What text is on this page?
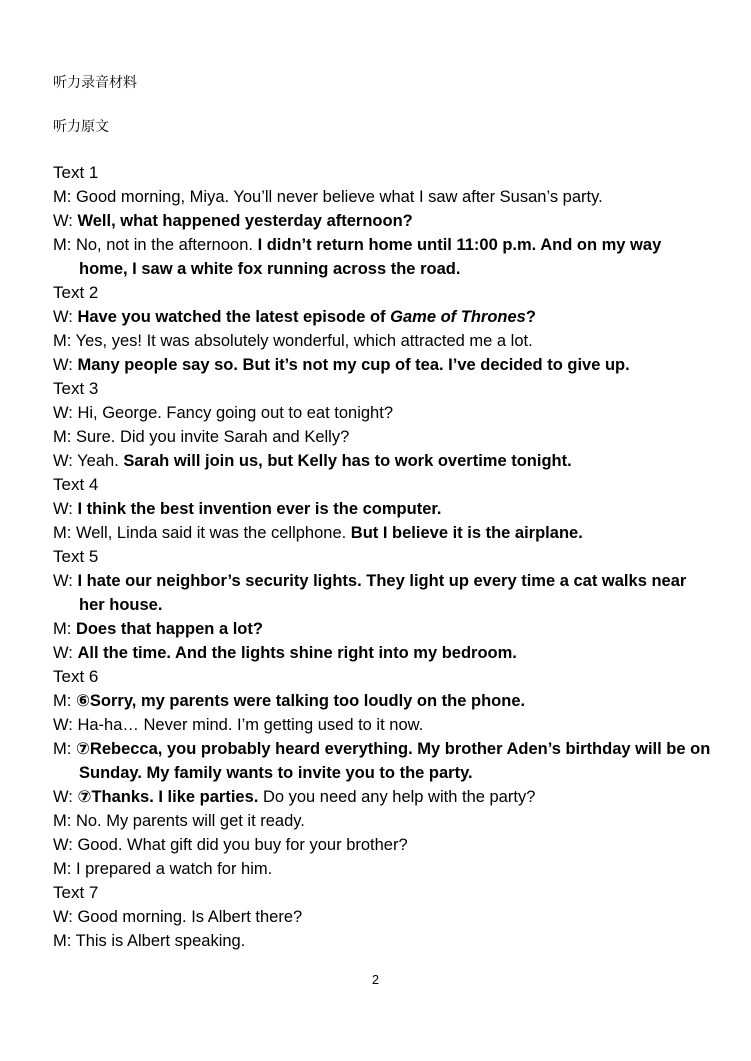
听力录音材料
听力原文
Text 1
M: Good morning, Miya. You’ll never believe what I saw after Susan’s party.
W: Well, what happened yesterday afternoon?
M: No, not in the afternoon. I didn’t return home until 11:00 p.m. And on my way home, I saw a white fox running across the road.
Text 2
W: Have you watched the latest episode of Game of Thrones?
M: Yes, yes! It was absolutely wonderful, which attracted me a lot.
W: Many people say so. But it’s not my cup of tea. I’ve decided to give up.
Text 3
W: Hi, George. Fancy going out to eat tonight?
M: Sure. Did you invite Sarah and Kelly?
W: Yeah. Sarah will join us, but Kelly has to work overtime tonight.
Text 4
W: I think the best invention ever is the computer.
M: Well, Linda said it was the cellphone. But I believe it is the airplane.
Text 5
W: I hate our neighbor’s security lights. They light up every time a cat walks near her house.
M: Does that happen a lot?
W: All the time. And the lights shine right into my bedroom.
Text 6
M: ⑥Sorry, my parents were talking too loudly on the phone.
W: Ha-ha… Never mind. I’m getting used to it now.
M: ⑦Rebecca, you probably heard everything. My brother Aden’s birthday will be on Sunday. My family wants to invite you to the party.
W: ⑦Thanks. I like parties. Do you need any help with the party?
M: No. My parents will get it ready.
W: Good. What gift did you buy for your brother?
M: I prepared a watch for him.
Text 7
W: Good morning. Is Albert there?
M: This is Albert speaking.
2
